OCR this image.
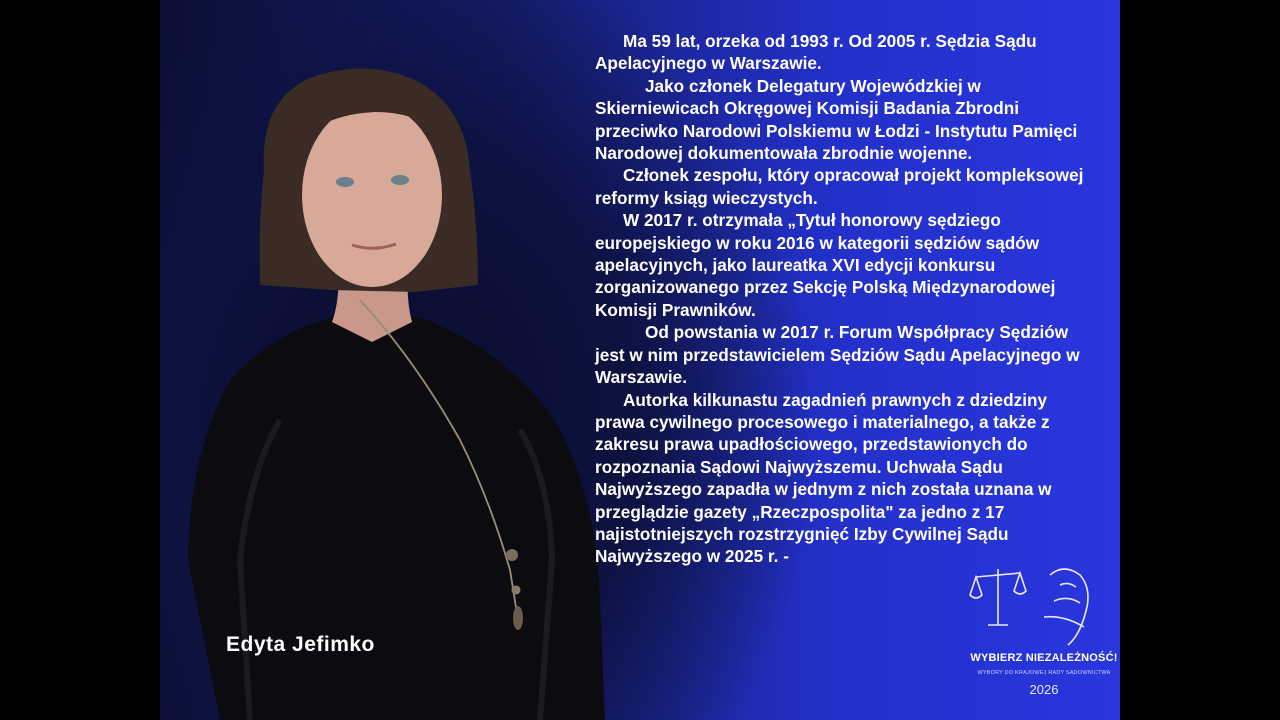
Ma 59 lat, orzeka od 1993 r. Od 2005 r. Sędzia Sądu Apelacyjnego w Warszawie.

Jako członek Delegatury Wojewódzkiej w Skierniewicach Okręgowej Komisji Badania Zbrodni przeciwko Narodowi Polskiemu w Łodzi - Instytutu Pamięci Narodowej dokumentowała zbrodnie wojenne.

Członek zespołu, który opracował projekt kompleksowej reformy ksiąg wieczystych.

W 2017 r. otrzymała „Tytuł honorowy sędziego europejskiego w roku 2016 w kategorii sędziów sądów apelacyjnych, jako laureatka XVI edycji konkursu zorganizowanego przez Sekcję Polską Międzynarodowej Komisji Prawników.

Od powstania w 2017 r. Forum Współpracy Sędziów jest w nim przedstawicielem Sędziów Sądu Apelacyjnego w Warszawie.

Autorka kilkunastu zagadnień prawnych z dziedziny prawa cywilnego procesowego i materialnego, a także z zakresu prawa upadłościowego, przedstawionych do rozpoznania Sądowi Najwyższemu. Uchwała Sądu Najwyższego zapadła w jednym z nich została uznana w przeglądzie gazety „Rzeczpospolita" za jedno z 17 najistotniejszych rozstrzygnięć Izby Cywilnej Sądu Najwyższego w 2025 r. -

Edyta Jefimko
WYBIERZ NIEZALEŻNOŚĆ!
WYBORY DO KRAJOWEJ RADY SĄDOWNICTWA
2026
